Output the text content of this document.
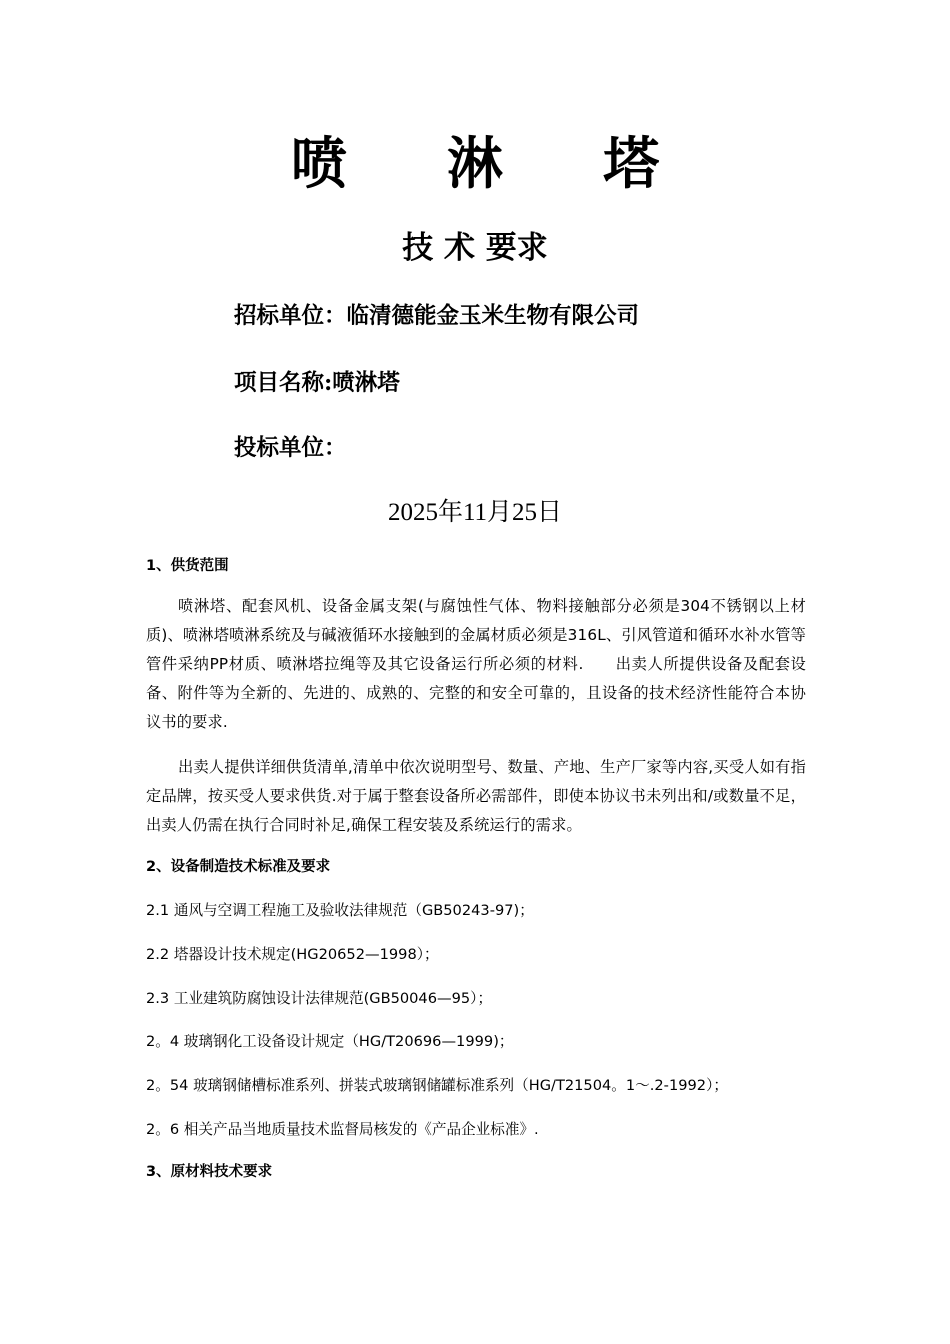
喷 淋 塔
技 术 要求
招标单位：临清德能金玉米生物有限公司
项目名称:喷淋塔
投标单位：
2025年11月25日
1、供货范围
喷淋塔、配套风机、设备金属支架(与腐蚀性气体、物料接触部分必须是304不锈钢以上材质)、喷淋塔喷淋系统及与碱液循环水接触到的金属材质必须是316L、引风管道和循环水补水管等管件采纳PP材质、喷淋塔拉绳等及其它设备运行所必须的材料.　　出卖人所提供设备及配套设备、附件等为全新的、先进的、成熟的、完整的和安全可靠的，且设备的技术经济性能符合本协议书的要求.
出卖人提供详细供货清单,清单中依次说明型号、数量、产地、生产厂家等内容,买受人如有指定品牌，按买受人要求供货.对于属于整套设备所必需部件，即使本协议书未列出和/或数量不足，出卖人仍需在执行合同时补足,确保工程安装及系统运行的需求。
2、设备制造技术标准及要求
2.1 通风与空调工程施工及验收法律规范（GB50243-97)；
2.2 塔器设计技术规定(HG20652—1998）；
2.3 工业建筑防腐蚀设计法律规范(GB50046—95）；
2。4 玻璃钢化工设备设计规定（HG/T20696—1999)；
2。54 玻璃钢储槽标准系列、拼装式玻璃钢储罐标准系列（HG/T21504。1～.2-1992）；
2。6 相关产品当地质量技术监督局核发的《产品企业标准》.
3、原材料技术要求
